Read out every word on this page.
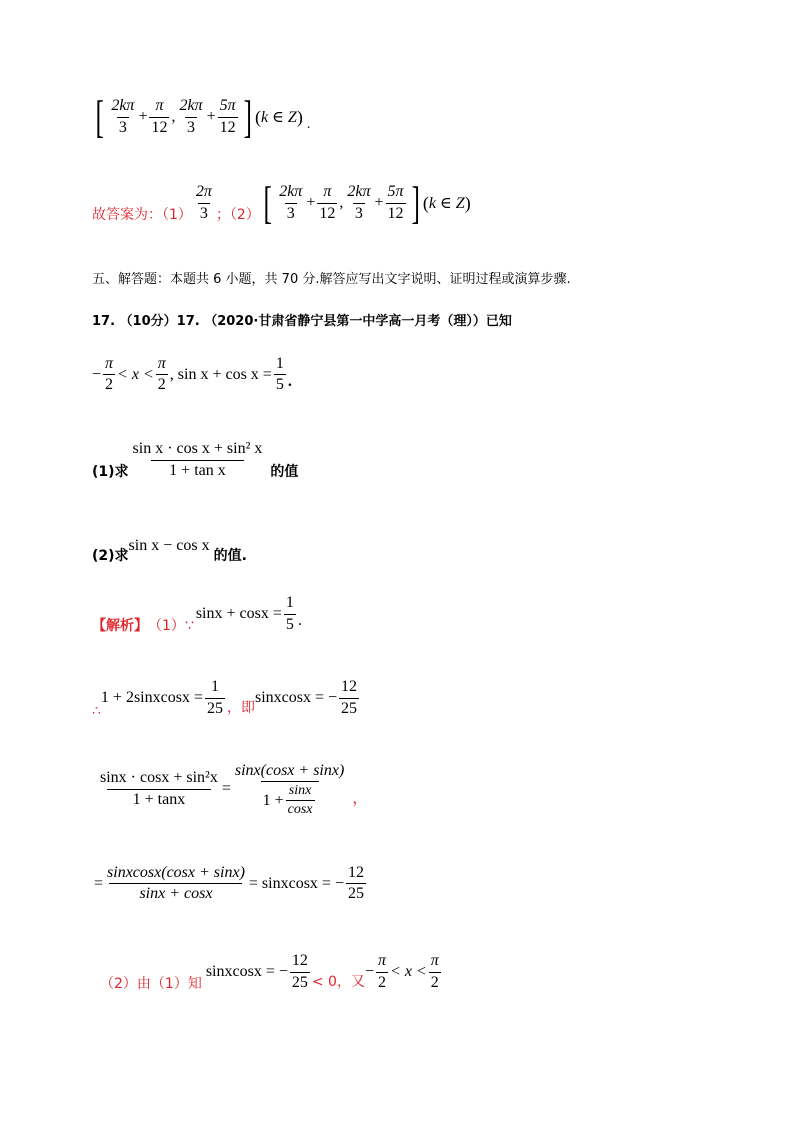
[ $\frac{2k\pi}{3} + \frac{\pi}{12}$ , $\frac{2k\pi}{3} + \frac{5\pi}{12}$ ] ( k ∈ Z ) .
故答案为：$(1) \frac{2\pi}{3}$ ；（2） [ $\frac{2k\pi}{3} + \frac{\pi}{12}$ , $\frac{2k\pi}{3} + \frac{5\pi}{12}$ ] ( k ∈ Z )
五、解答题：本题共 6 小题，共 70 分.解答应写出文字说明、证明过程或演算步骤.
17. （10分）17. （2020·甘肃省静宁县第一中学高一月考（理））已知
− $\frac{\pi}{2} < x < \frac{\pi}{2}$ , $\sin x + \cos x = \frac{1}{5}$ .
(1)求 $\frac{\text{sin x · cos x + sin² x}}{\text{1 + tan x}}$ 的值
(2)求
sin x − cos x
的值.
【解析】 （1）∵
$\sin x + \cos x = \frac{1}{5}$ .
∴
1 + 2sinxcosx = $\frac{1}{25}$ ，即
sinxcosx = − $\frac{12}{25}$
$\frac{\text{sinx · cosx + sin²x}}{1 + \tan x} = \frac{\sin x(\cos x + \sin x)}{1 + \frac{\sin x}{\cos x}}$ ，
= $\frac{\text{sinxcosx(cosx + sinx)}}{\sin x + \cos x}$ = sinxcosx = − $\frac{12}{25}$
（2）由（1）知
sinxcosx = − $\frac{12}{25} < 0$，又
− $\frac{\pi}{2} < x < \frac{\pi}{2}$
